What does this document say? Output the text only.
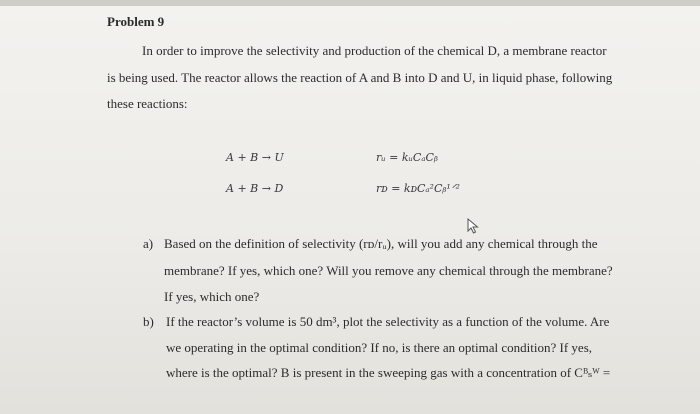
Problem 9
In order to improve the selectivity and production of the chemical D, a membrane reactor
is being used. The reactor allows the reaction of A and B into D and U, in liquid phase, following
these reactions:
A + B → U
A + B → D
rᵤ = kᵤCₐCᵦ
rᴅ = kᴅCₐ²Cᵦ¹ᐟ²
a) Based on the definition of selectivity (rᴅ/rᵤ), will you add any chemical through the
membrane? If yes, which one? Will you remove any chemical through the membrane?
If yes, which one?
b) If the reactor’s volume is 50 dm³, plot the selectivity as a function of the volume. Are
we operating in the optimal condition? If no, is there an optimal condition? If yes,
where is the optimal? B is present in the sweeping gas with a concentration of Cᴮₛᵂ =
